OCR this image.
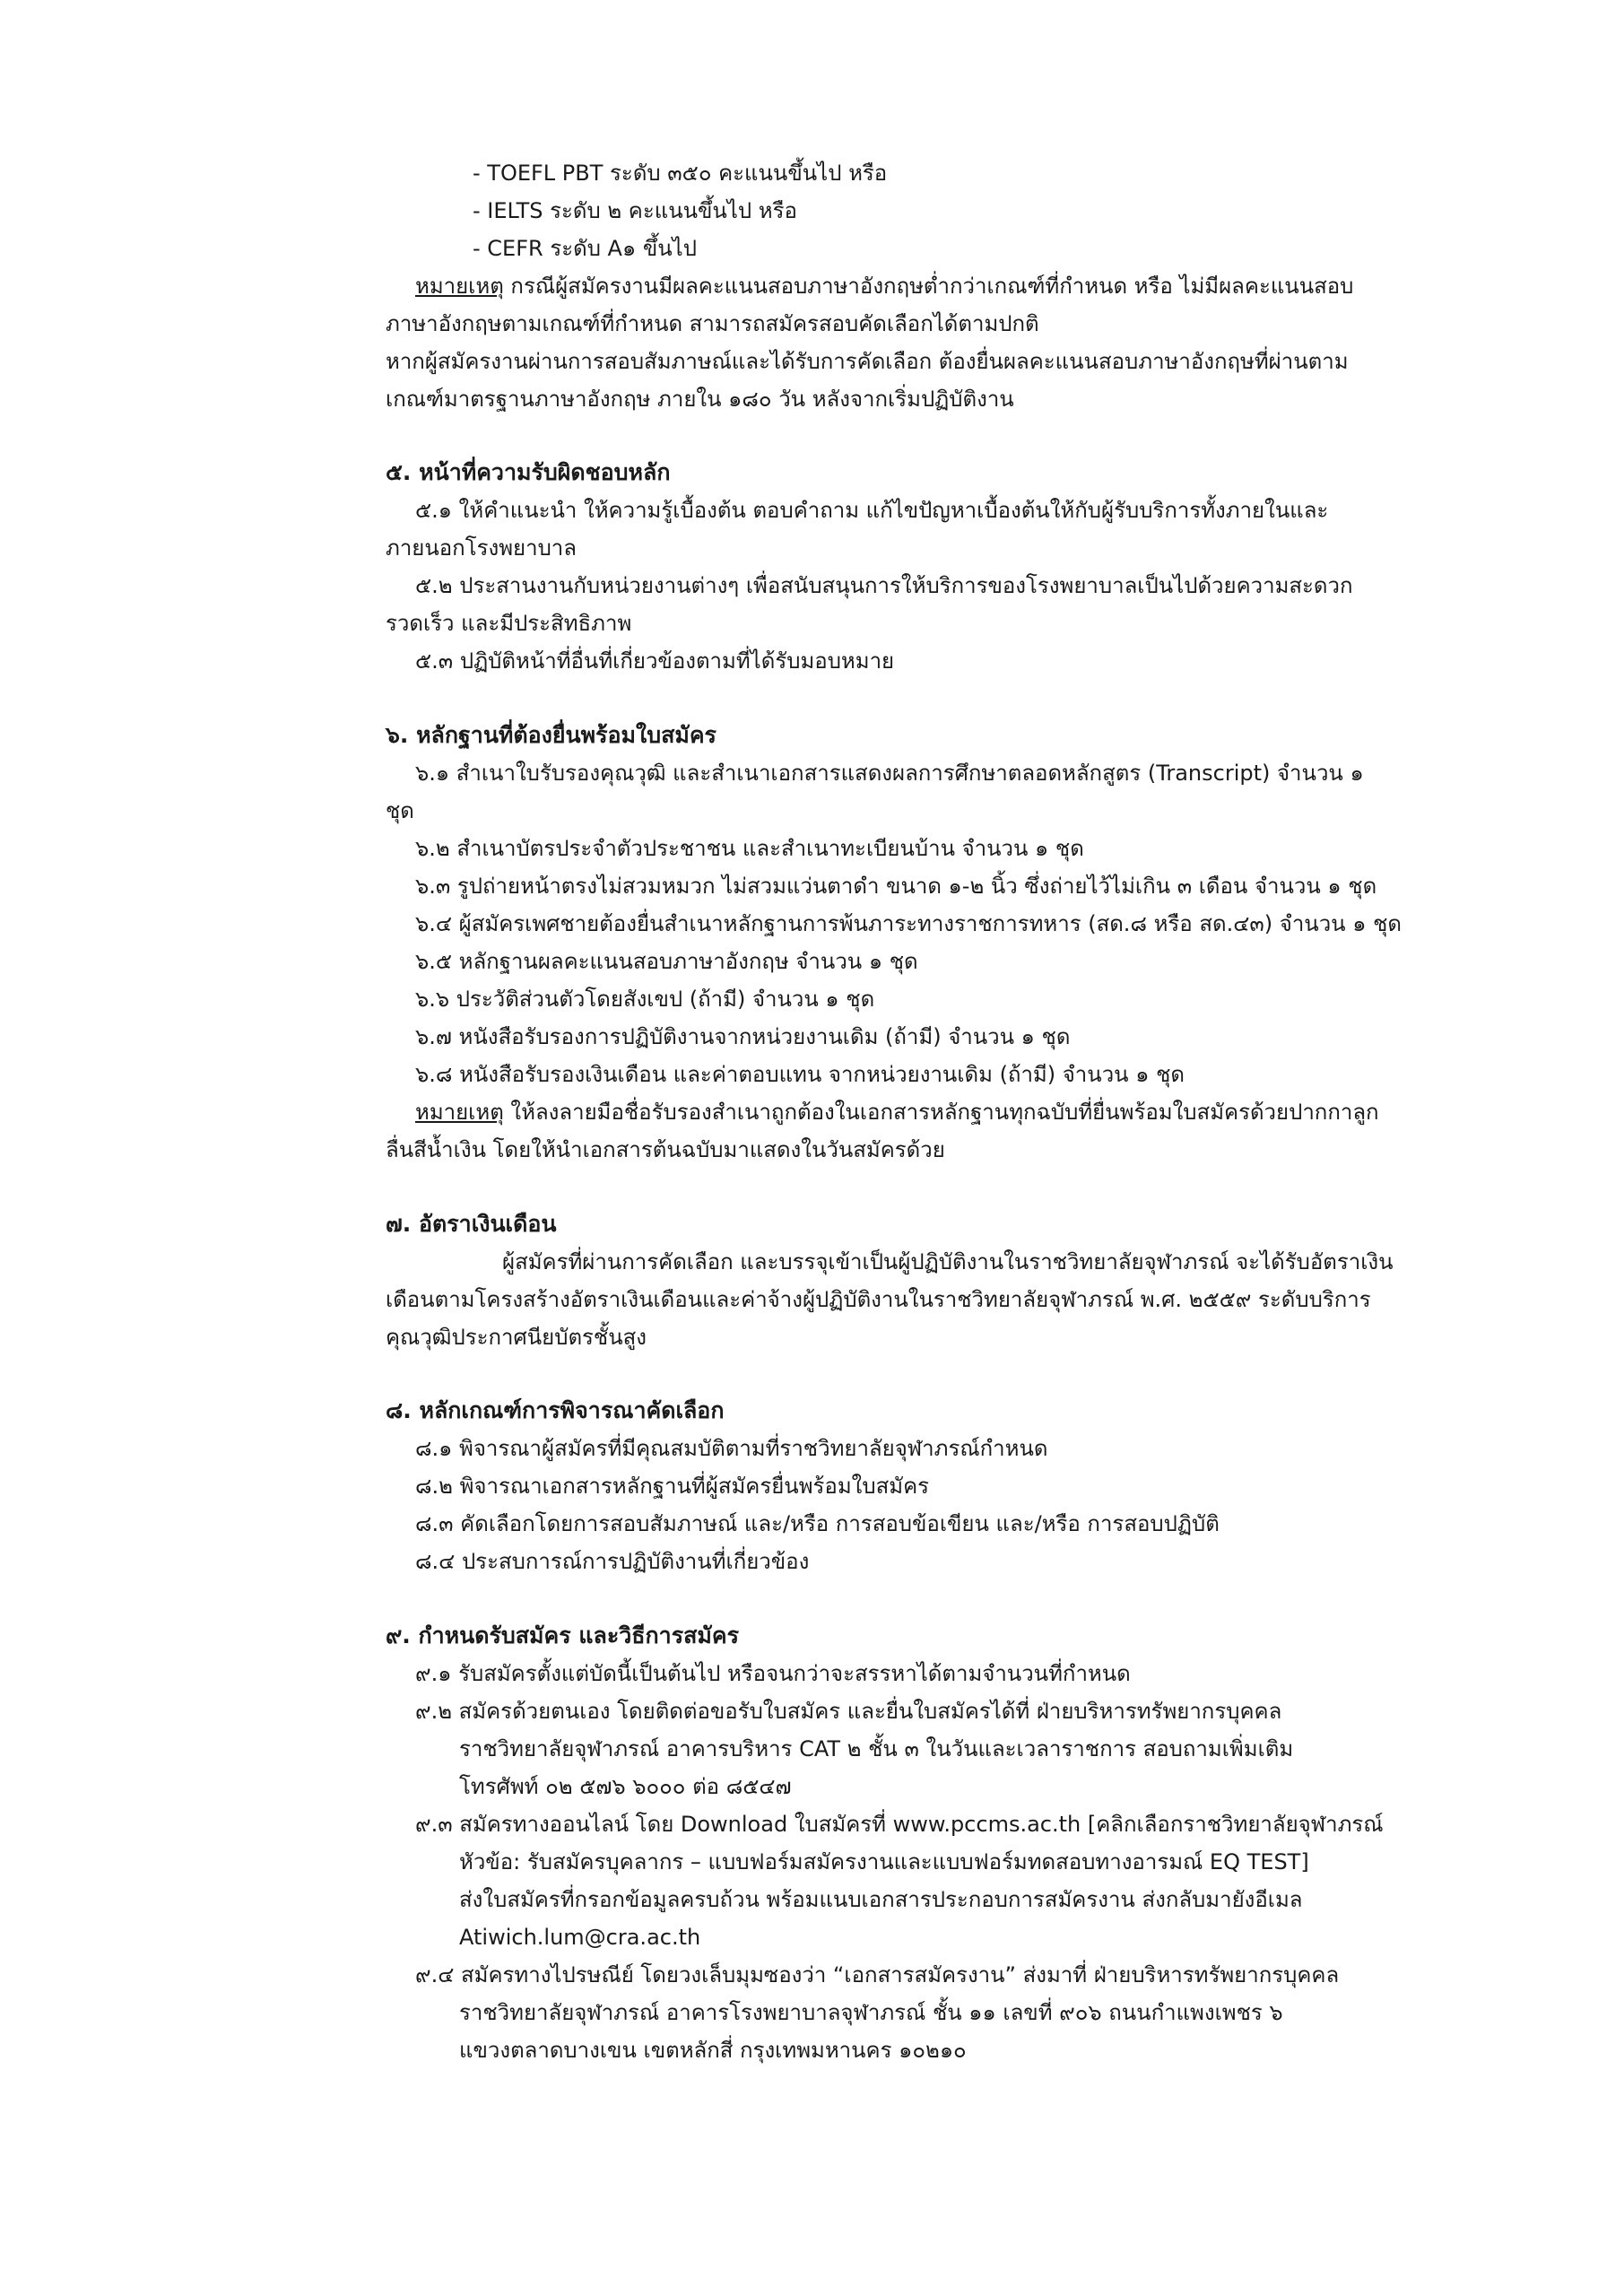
- TOEFL PBT ระดับ ๓๕๐ คะแนนขึ้นไป หรือ
- IELTS ระดับ ๒ คะแนนขึ้นไป หรือ
- CEFR ระดับ A๑ ขึ้นไป
หมายเหตุ กรณีผู้สมัครงานมีผลคะแนนสอบภาษาอังกฤษต่ำกว่าเกณฑ์ที่กำหนด หรือ ไม่มีผลคะแนนสอบ
ภาษาอังกฤษตามเกณฑ์ที่กำหนด สามารถสมัครสอบคัดเลือกได้ตามปกติ
หากผู้สมัครงานผ่านการสอบสัมภาษณ์และได้รับการคัดเลือก ต้องยื่นผลคะแนนสอบภาษาอังกฤษที่ผ่านตาม
เกณฑ์มาตรฐานภาษาอังกฤษ ภายใน ๑๘๐ วัน หลังจากเริ่มปฏิบัติงาน
๕. หน้าที่ความรับผิดชอบหลัก
๕.๑ ให้คำแนะนำ ให้ความรู้เบื้องต้น ตอบคำถาม แก้ไขปัญหาเบื้องต้นให้กับผู้รับบริการทั้งภายในและ
ภายนอกโรงพยาบาล
๕.๒ ประสานงานกับหน่วยงานต่างๆ เพื่อสนับสนุนการให้บริการของโรงพยาบาลเป็นไปด้วยความสะดวก
รวดเร็ว และมีประสิทธิภาพ
๕.๓ ปฏิบัติหน้าที่อื่นที่เกี่ยวข้องตามที่ได้รับมอบหมาย
๖. หลักฐานที่ต้องยื่นพร้อมใบสมัคร
๖.๑ สำเนาใบรับรองคุณวุฒิ และสำเนาเอกสารแสดงผลการศึกษาตลอดหลักสูตร (Transcript) จำนวน ๑
ชุด
๖.๒ สำเนาบัตรประจำตัวประชาชน และสำเนาทะเบียนบ้าน จำนวน ๑ ชุด
๖.๓ รูปถ่ายหน้าตรงไม่สวมหมวก ไม่สวมแว่นตาดำ ขนาด ๑-๒ นิ้ว ซึ่งถ่ายไว้ไม่เกิน ๓ เดือน จำนวน ๑ ชุด
๖.๔ ผู้สมัครเพศชายต้องยื่นสำเนาหลักฐานการพ้นภาระทางราชการทหาร (สด.๘ หรือ สด.๔๓) จำนวน ๑ ชุด
๖.๕ หลักฐานผลคะแนนสอบภาษาอังกฤษ จำนวน ๑ ชุด
๖.๖ ประวัติส่วนตัวโดยสังเขป (ถ้ามี) จำนวน ๑ ชุด
๖.๗ หนังสือรับรองการปฏิบัติงานจากหน่วยงานเดิม (ถ้ามี) จำนวน ๑ ชุด
๖.๘ หนังสือรับรองเงินเดือน และค่าตอบแทน จากหน่วยงานเดิม (ถ้ามี) จำนวน ๑ ชุด
หมายเหตุ ให้ลงลายมือชื่อรับรองสำเนาถูกต้องในเอกสารหลักฐานทุกฉบับที่ยื่นพร้อมใบสมัครด้วยปากกาลูก
ลื่นสีน้ำเงิน โดยให้นำเอกสารต้นฉบับมาแสดงในวันสมัครด้วย
๗. อัตราเงินเดือน
ผู้สมัครที่ผ่านการคัดเลือก และบรรจุเข้าเป็นผู้ปฏิบัติงานในราชวิทยาลัยจุฬาภรณ์ จะได้รับอัตราเงิน
เดือนตามโครงสร้างอัตราเงินเดือนและค่าจ้างผู้ปฏิบัติงานในราชวิทยาลัยจุฬาภรณ์ พ.ศ. ๒๕๕๙ ระดับบริการ
คุณวุฒิประกาศนียบัตรชั้นสูง
๘. หลักเกณฑ์การพิจารณาคัดเลือก
๘.๑ พิจารณาผู้สมัครที่มีคุณสมบัติตามที่ราชวิทยาลัยจุฬาภรณ์กำหนด
๘.๒ พิจารณาเอกสารหลักฐานที่ผู้สมัครยื่นพร้อมใบสมัคร
๘.๓ คัดเลือกโดยการสอบสัมภาษณ์ และ/หรือ การสอบข้อเขียน และ/หรือ การสอบปฏิบัติ
๘.๔ ประสบการณ์การปฏิบัติงานที่เกี่ยวข้อง
๙. กำหนดรับสมัคร และวิธีการสมัคร
๙.๑ รับสมัครตั้งแต่บัดนี้เป็นต้นไป หรือจนกว่าจะสรรหาได้ตามจำนวนที่กำหนด
๙.๒ สมัครด้วยตนเอง โดยติดต่อขอรับใบสมัคร และยื่นใบสมัครได้ที่ ฝ่ายบริหารทรัพยากรบุคคล
ราชวิทยาลัยจุฬาภรณ์ อาคารบริหาร CAT ๒ ชั้น ๓ ในวันและเวลาราชการ สอบถามเพิ่มเติม
โทรศัพท์ ๐๒ ๕๗๖ ๖๐๐๐ ต่อ ๘๕๔๗
๙.๓ สมัครทางออนไลน์ โดย Download ใบสมัครที่ www.pccms.ac.th [คลิกเลือกราชวิทยาลัยจุฬาภรณ์
หัวข้อ: รับสมัครบุคลากร – แบบฟอร์มสมัครงานและแบบฟอร์มทดสอบทางอารมณ์ EQ TEST]
ส่งใบสมัครที่กรอกข้อมูลครบถ้วน พร้อมแนบเอกสารประกอบการสมัครงาน ส่งกลับมายังอีเมล
Atiwich.lum@cra.ac.th
๙.๔ สมัครทางไปรษณีย์ โดยวงเล็บมุมซองว่า “เอกสารสมัครงาน” ส่งมาที่ ฝ่ายบริหารทรัพยากรบุคคล
ราชวิทยาลัยจุฬาภรณ์ อาคารโรงพยาบาลจุฬาภรณ์ ชั้น ๑๑ เลขที่ ๙๐๖ ถนนกำแพงเพชร ๖
แขวงตลาดบางเขน เขตหลักสี่ กรุงเทพมหานคร ๑๐๒๑๐
